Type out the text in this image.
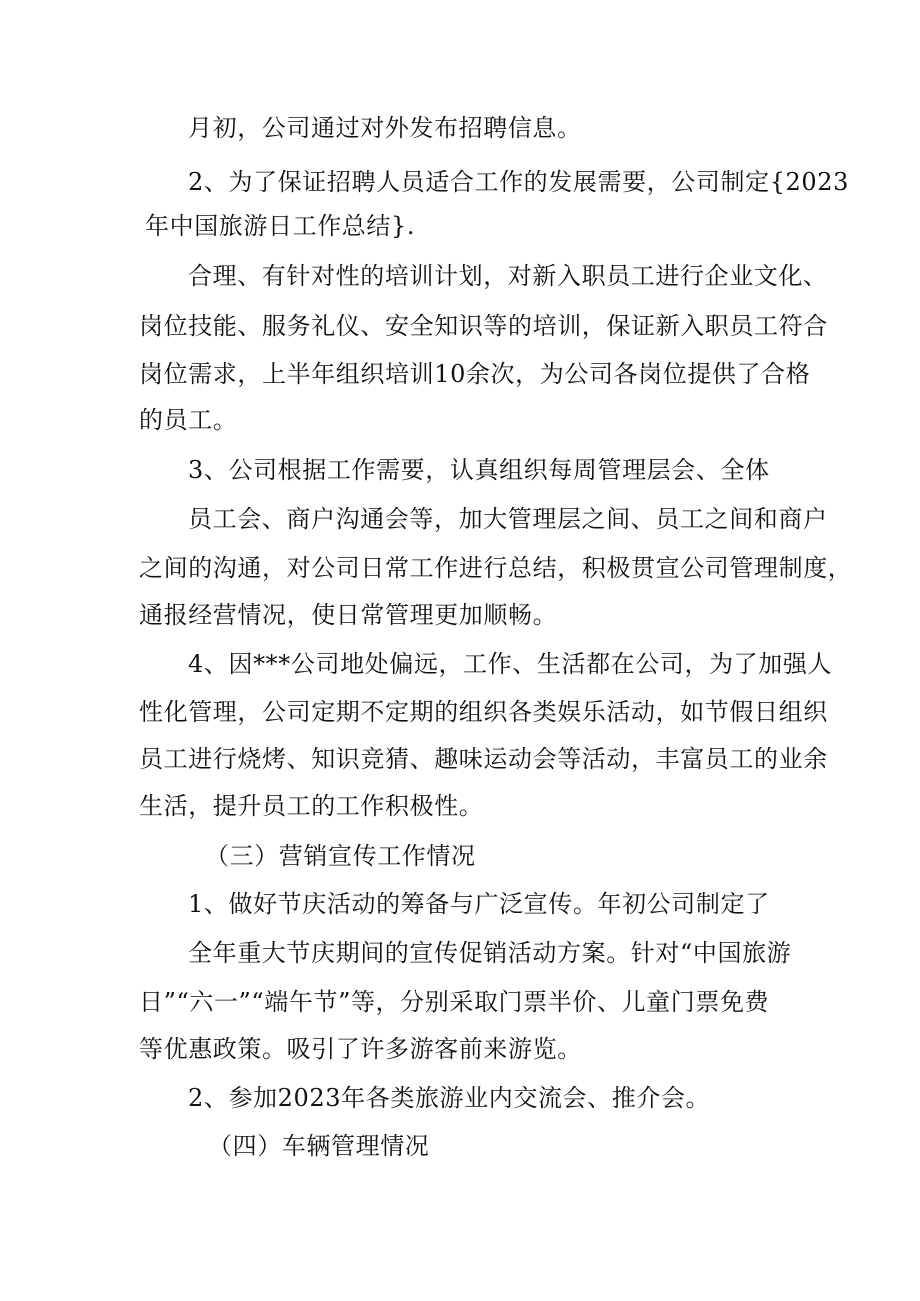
月初，公司通过对外发布招聘信息。
2、为了保证招聘人员适合工作的发展需要，公司制定{2023
年中国旅游日工作总结}.
合理、有针对性的培训计划，对新入职员工进行企业文化、
岗位技能、服务礼仪、安全知识等的培训，保证新入职员工符合
岗位需求，上半年组织培训10余次，为公司各岗位提供了合格
的员工。
3、公司根据工作需要，认真组织每周管理层会、全体
员工会、商户沟通会等，加大管理层之间、员工之间和商户
之间的沟通，对公司日常工作进行总结，积极贯宣公司管理制度，
通报经营情况，使日常管理更加顺畅。
4、因***公司地处偏远，工作、生活都在公司，为了加强人
性化管理，公司定期不定期的组织各类娱乐活动，如节假日组织
员工进行烧烤、知识竞猜、趣味运动会等活动，丰富员工的业余
生活，提升员工的工作积极性。
（三）营销宣传工作情况
1、做好节庆活动的筹备与广泛宣传。年初公司制定了
全年重大节庆期间的宣传促销活动方案。针对“中国旅游
日”“六一”“端午节”等，分别采取门票半价、儿童门票免费
等优惠政策。吸引了许多游客前来游览。
2、参加2023年各类旅游业内交流会、推介会。
（四）车辆管理情况
